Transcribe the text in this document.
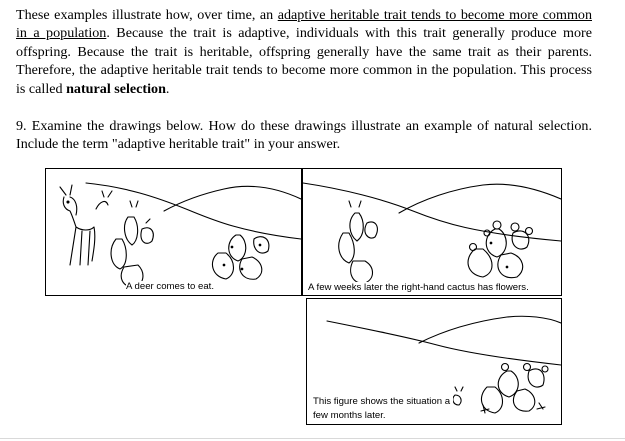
These examples illustrate how, over time, an adaptive heritable trait tends to become more common in a population. Because the trait is adaptive, individuals with this trait generally produce more offspring. Because the trait is heritable, offspring generally have the same trait as their parents. Therefore, the adaptive heritable trait tends to become more common in the population. This process is called natural selection.

9. Examine the drawings below. How do these drawings illustrate an example of natural selection. Include the term "adaptive heritable trait" in your answer.

A deer comes to eat.	A few weeks later the right-hand cactus has flowers.
This figure shows the situation a few months later.
